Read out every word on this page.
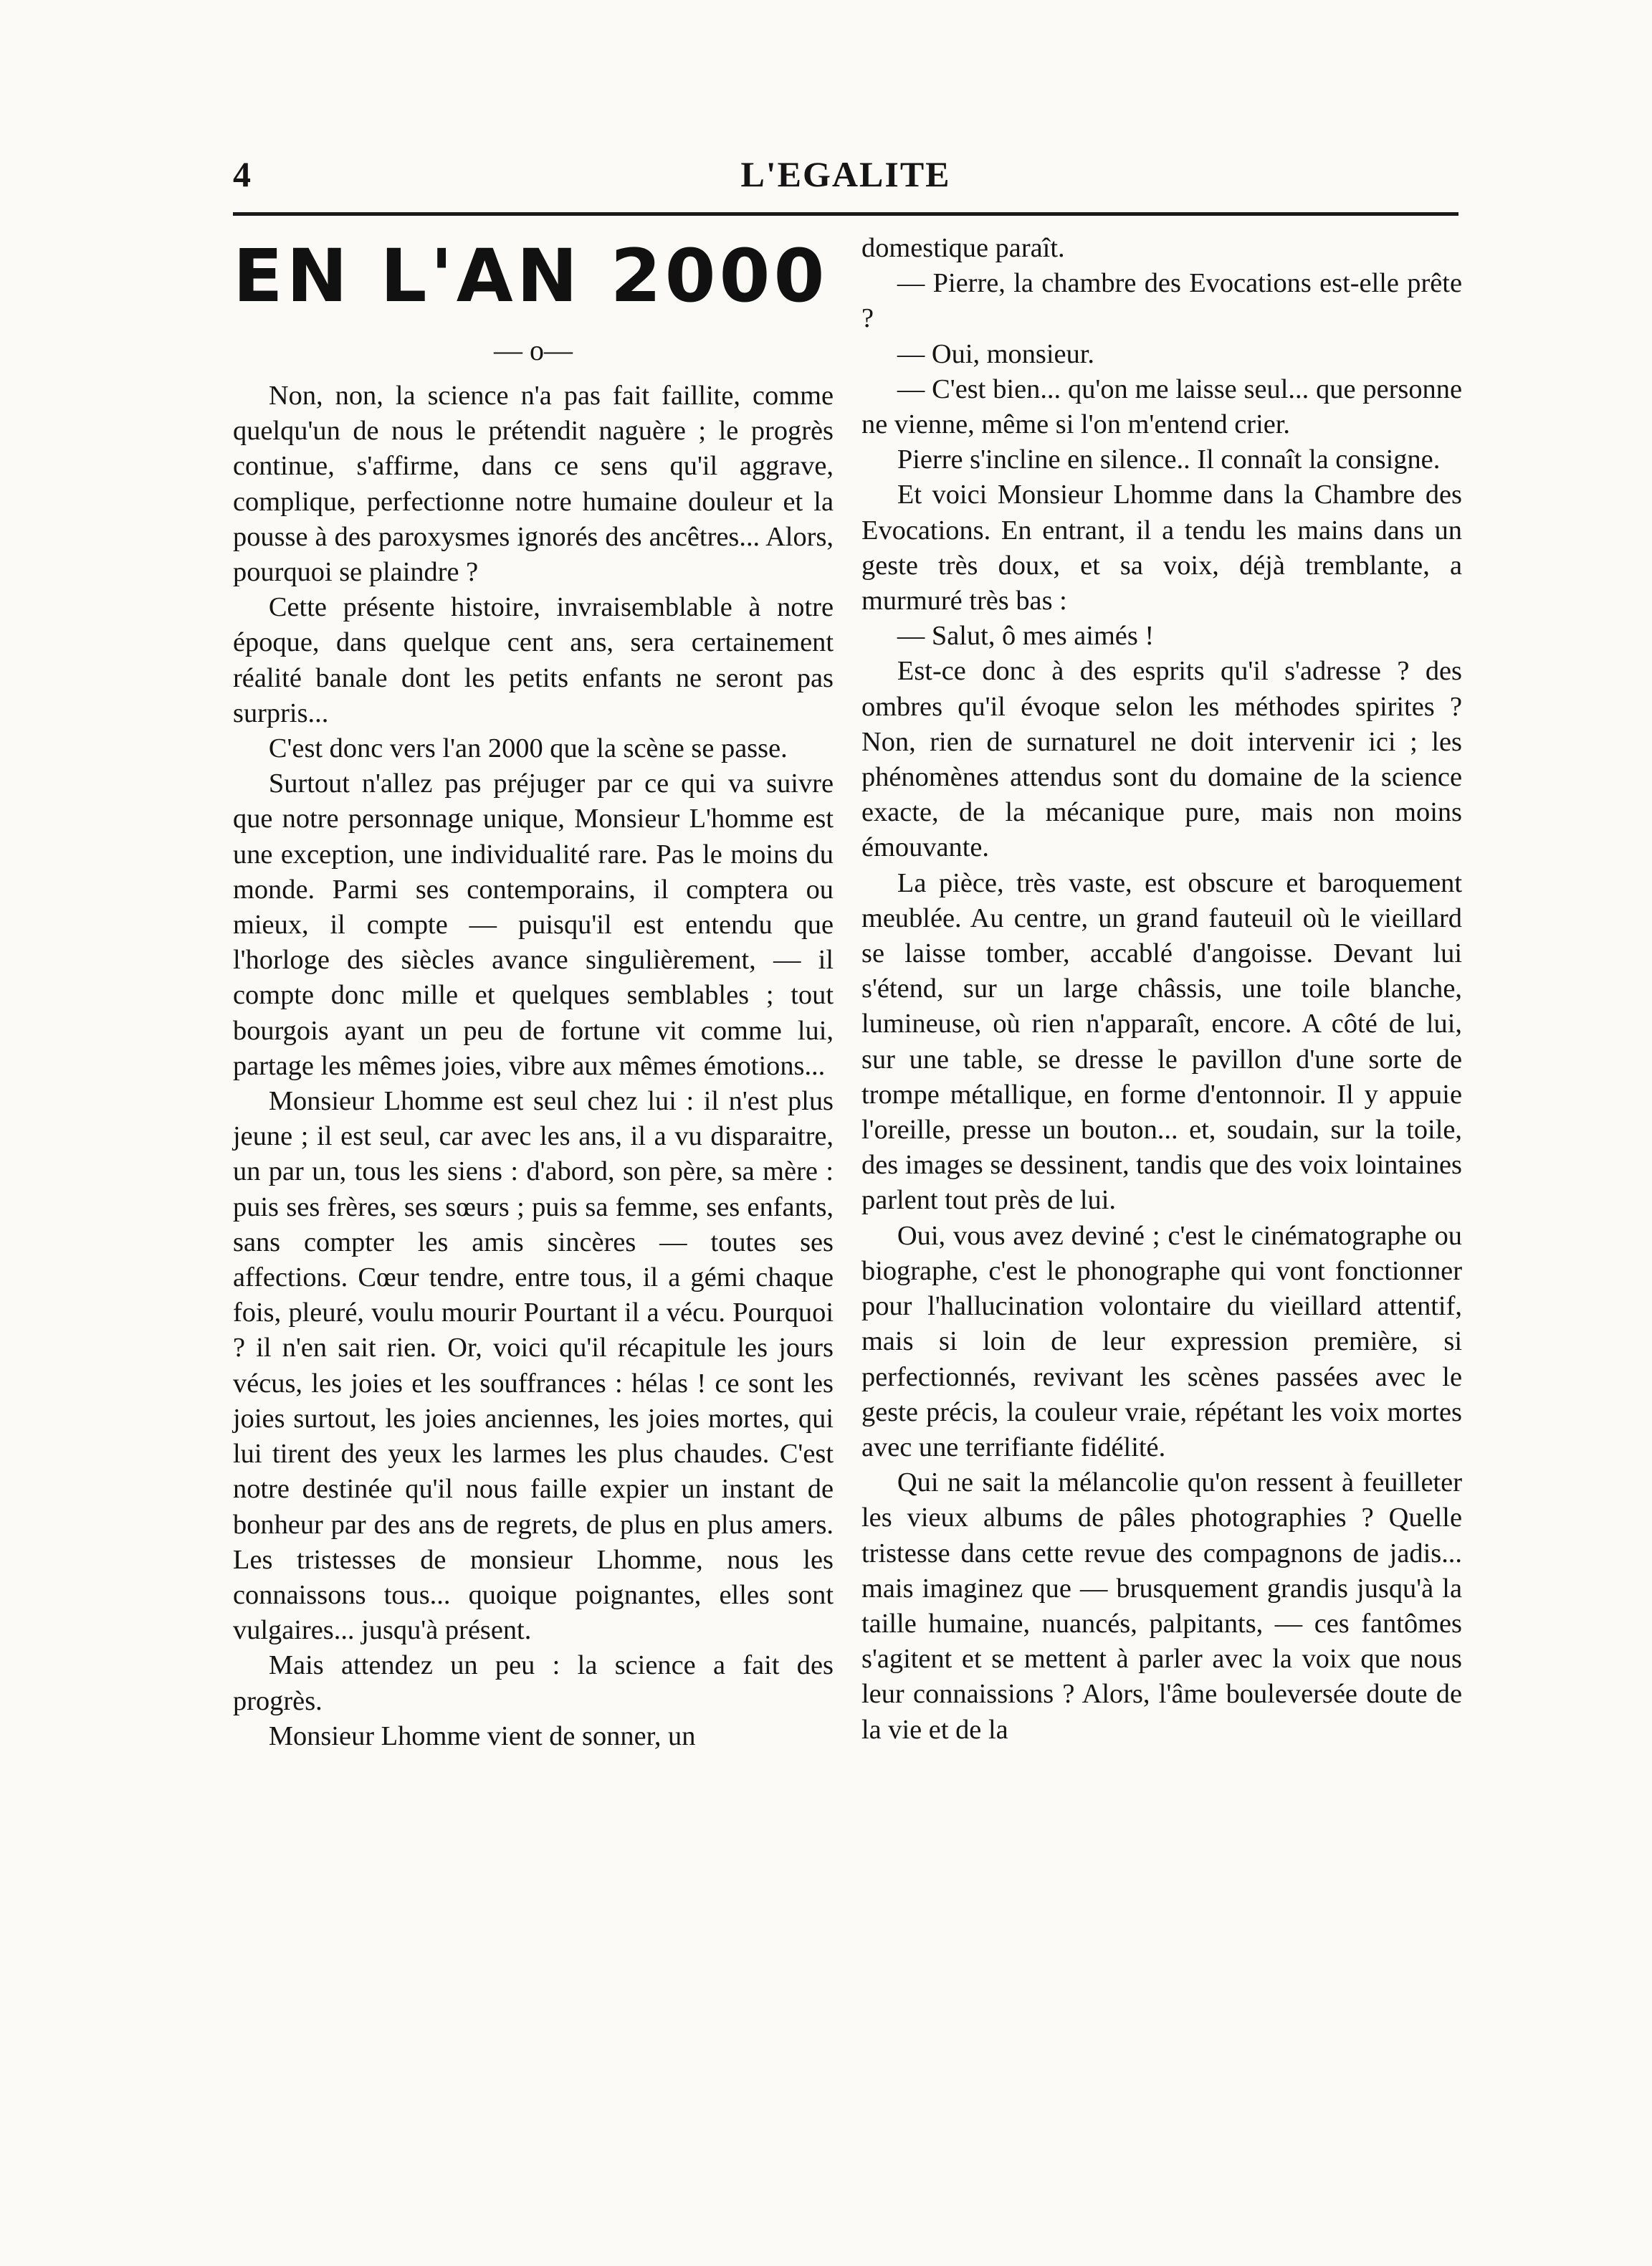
4	L'EGALITE
EN L'AN 2000
— o—

Non, non, la science n'a pas fait faillite, comme quelqu'un de nous le prétendit naguère ; le progrès continue, s'affirme, dans ce sens qu'il aggrave, complique, perfectionne notre humaine douleur et la pousse à des paroxysmes ignorés des ancêtres... Alors, pourquoi se plaindre ?

Cette présente histoire, invraisemblable à notre époque, dans quelque cent ans, sera certainement réalité banale dont les petits enfants ne seront pas surpris...

C'est donc vers l'an 2000 que la scène se passe.

Surtout n'allez pas préjuger par ce qui va suivre que notre personnage unique, Monsieur L'homme est une exception, une individualité rare. Pas le moins du monde. Parmi ses contemporains, il comptera ou mieux, il compte — puisqu'il est entendu que l'horloge des siècles avance singulièrement, — il compte donc mille et quelques semblables ; tout bourgois ayant un peu de fortune vit comme lui, partage les mêmes joies, vibre aux mêmes émotions...

Monsieur Lhomme est seul chez lui : il n'est plus jeune ; il est seul, car avec les ans, il a vu disparaitre, un par un, tous les siens : d'abord, son père, sa mère : puis ses frères, ses sœurs ; puis sa femme, ses enfants, sans compter les amis sincères — toutes ses affections. Cœur tendre, entre tous, il a gémi chaque fois, pleuré, voulu mourir Pourtant il a vécu. Pourquoi ? il n'en sait rien. Or, voici qu'il récapitule les jours vécus, les joies et les souffrances : hélas ! ce sont les joies surtout, les joies anciennes, les joies mortes, qui lui tirent des yeux les larmes les plus chaudes. C'est notre destinée qu'il nous faille expier un instant de bonheur par des ans de regrets, de plus en plus amers. Les tristesses de monsieur Lhomme, nous les connaissons tous... quoique poignantes, elles sont vulgaires... jusqu'à présent.

Mais attendez un peu : la science a fait des progrès.

Monsieur Lhomme vient de sonner, un

domestique paraît.

— Pierre, la chambre des Evocations est-elle prête ?

— Oui, monsieur.

— C'est bien... qu'on me laisse seul... que personne ne vienne, même si l'on m'entend crier.

Pierre s'incline en silence.. Il connaît la consigne.

Et voici Monsieur Lhomme dans la Chambre des Evocations. En entrant, il a tendu les mains dans un geste très doux, et sa voix, déjà tremblante, a murmuré très bas :

— Salut, ô mes aimés !

Est-ce donc à des esprits qu'il s'adresse ? des ombres qu'il évoque selon les méthodes spirites ? Non, rien de surnaturel ne doit intervenir ici ; les phénomènes attendus sont du domaine de la science exacte, de la mécanique pure, mais non moins émouvante.

La pièce, très vaste, est obscure et baroquement meublée. Au centre, un grand fauteuil où le vieillard se laisse tomber, accablé d'angoisse. Devant lui s'étend, sur un large châssis, une toile blanche, lumineuse, où rien n'apparaît, encore. A côté de lui, sur une table, se dresse le pavillon d'une sorte de trompe métallique, en forme d'entonnoir. Il y appuie l'oreille, presse un bouton... et, soudain, sur la toile, des images se dessinent, tandis que des voix lointaines parlent tout près de lui.

Oui, vous avez deviné ; c'est le cinématographe ou biographe, c'est le phonographe qui vont fonctionner pour l'hallucination volontaire du vieillard attentif, mais si loin de leur expression première, si perfectionnés, revivant les scènes passées avec le geste précis, la couleur vraie, répétant les voix mortes avec une terrifiante fidélité.

Qui ne sait la mélancolie qu'on ressent à feuilleter les vieux albums de pâles photographies ? Quelle tristesse dans cette revue des compagnons de jadis... mais imaginez que — brusquement grandis jusqu'à la taille humaine, nuancés, palpitants, — ces fantômes s'agitent et se mettent à parler avec la voix que nous leur connaissions ? Alors, l'âme bouleversée doute de la vie et de la
